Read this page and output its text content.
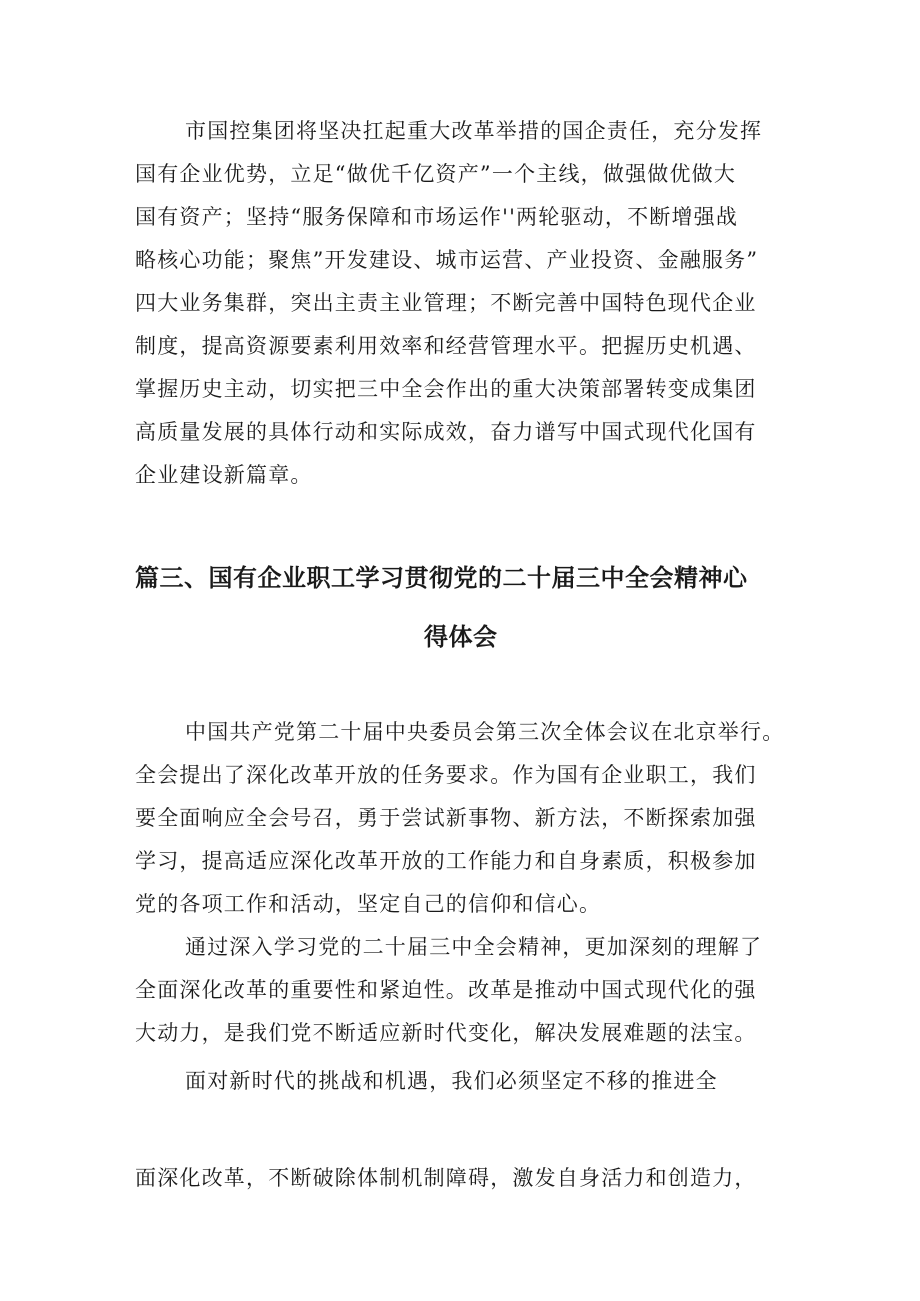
市国控集团将坚决扛起重大改革举措的国企责任，充分发挥
国有企业优势，立足“做优千亿资产”一个主线，做强做优做大
国有资产；坚持“服务保障和市场运作''两轮驱动，不断增强战
略核心功能；聚焦”开发建设、城市运营、产业投资、金融服务”
四大业务集群，突出主责主业管理；不断完善中国特色现代企业
制度，提高资源要素利用效率和经营管理水平。把握历史机遇、
掌握历史主动，切实把三中全会作出的重大决策部署转变成集团
高质量发展的具体行动和实际成效，奋力谱写中国式现代化国有
企业建设新篇章。
篇三、国有企业职工学习贯彻党的二十届三中全会精神心
得体会
中国共产党第二十届中央委员会第三次全体会议在北京举行。
全会提出了深化改革开放的任务要求。作为国有企业职工，我们
要全面响应全会号召，勇于尝试新事物、新方法，不断探索加强
学习，提高适应深化改革开放的工作能力和自身素质，积极参加
党的各项工作和活动，坚定自己的信仰和信心。
通过深入学习党的二十届三中全会精神，更加深刻的理解了
全面深化改革的重要性和紧迫性。改革是推动中国式现代化的强
大动力，是我们党不断适应新时代变化，解决发展难题的法宝。
面对新时代的挑战和机遇，我们必须坚定不移的推进全
面深化改革，不断破除体制机制障碍，激发自身活力和创造力，
